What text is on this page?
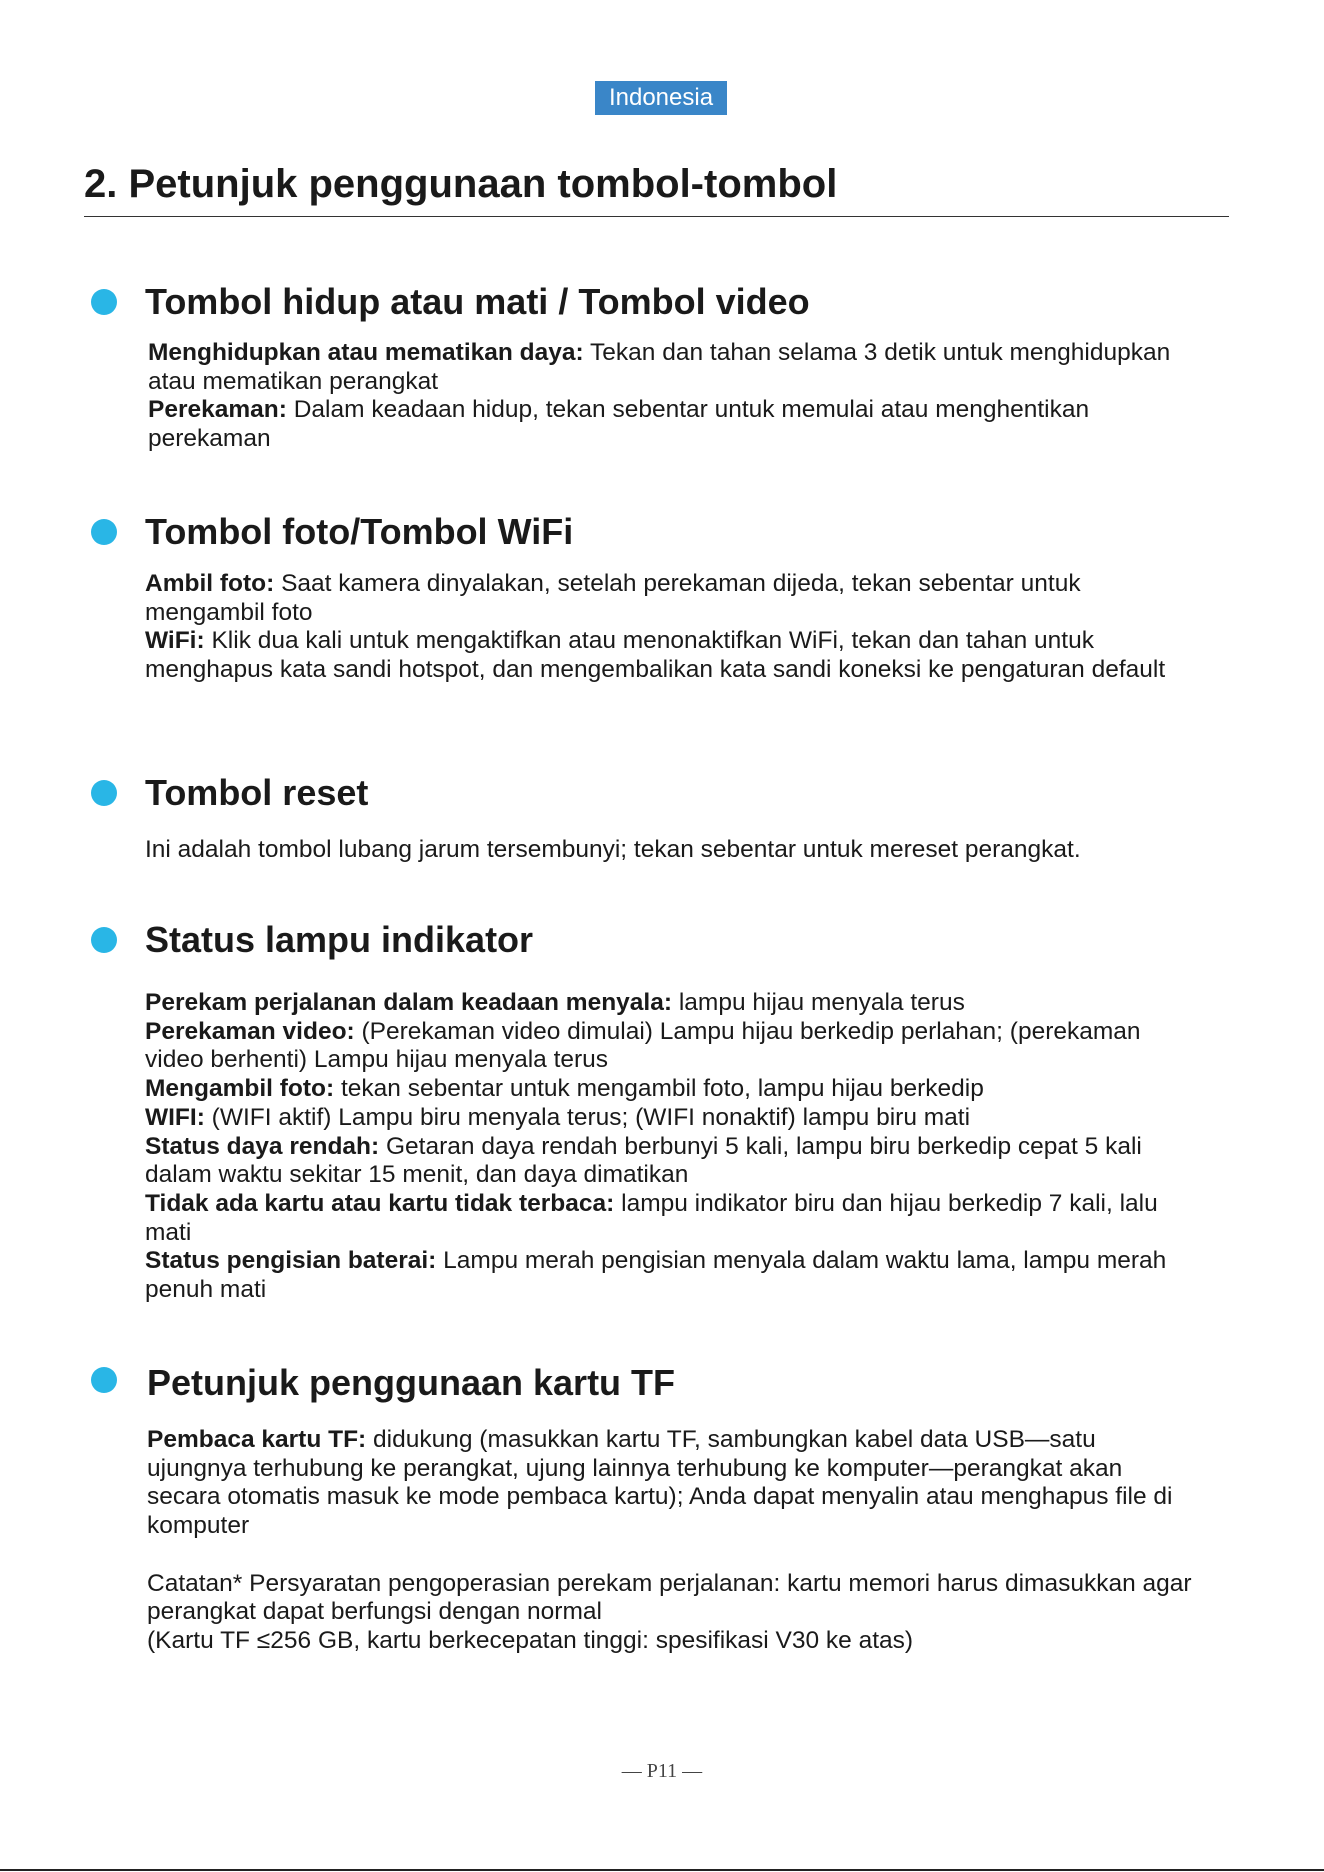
Indonesia
2. Petunjuk penggunaan tombol-tombol
Tombol hidup atau mati / Tombol video

Menghidupkan atau mematikan daya: Tekan dan tahan selama 3 detik untuk menghidupkan atau mematikan perangkat

Perekaman: Dalam keadaan hidup, tekan sebentar untuk memulai atau menghentikan perekaman

Tombol foto/Tombol WiFi

Ambil foto: Saat kamera dinyalakan, setelah perekaman dijeda, tekan sebentar untuk mengambil foto

WiFi: Klik dua kali untuk mengaktifkan atau menonaktifkan WiFi, tekan dan tahan untuk menghapus kata sandi hotspot, dan mengembalikan kata sandi koneksi ke pengaturan default

Tombol reset

Ini adalah tombol lubang jarum tersembunyi; tekan sebentar untuk mereset perangkat.

Status lampu indikator

Perekam perjalanan dalam keadaan menyala: lampu hijau menyala terus

Perekaman video: (Perekaman video dimulai) Lampu hijau berkedip perlahan; (perekaman video berhenti) Lampu hijau menyala terus

Mengambil foto: tekan sebentar untuk mengambil foto, lampu hijau berkedip

WIFI: (WIFI aktif) Lampu biru menyala terus; (WIFI nonaktif) lampu biru mati

Status daya rendah: Getaran daya rendah berbunyi 5 kali, lampu biru berkedip cepat 5 kali dalam waktu sekitar 15 menit, dan daya dimatikan

Tidak ada kartu atau kartu tidak terbaca: lampu indikator biru dan hijau berkedip 7 kali, lalu mati

Status pengisian baterai: Lampu merah pengisian menyala dalam waktu lama, lampu merah penuh mati

Petunjuk penggunaan kartu TF

Pembaca kartu TF: didukung (masukkan kartu TF, sambungkan kabel data USB—satu ujungnya terhubung ke perangkat, ujung lainnya terhubung ke komputer—perangkat akan secara otomatis masuk ke mode pembaca kartu); Anda dapat menyalin atau menghapus file di komputer

Catatan* Persyaratan pengoperasian perekam perjalanan: kartu memori harus dimasukkan agar perangkat dapat berfungsi dengan normal

(Kartu TF ≤256 GB, kartu berkecepatan tinggi: spesifikasi V30 ke atas)

— P11 —
